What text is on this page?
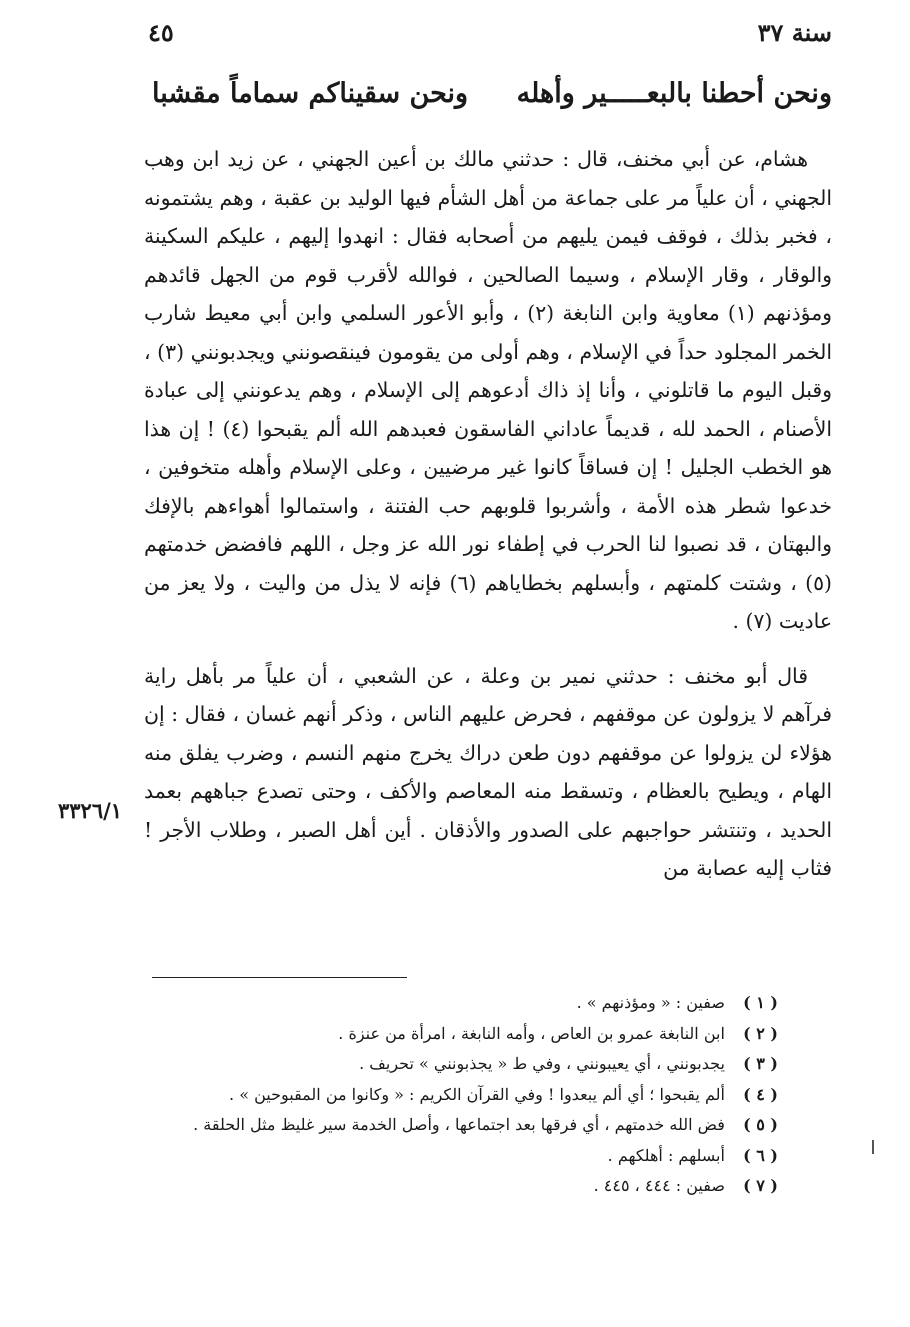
سنة ٣٧
٤٥
ونحن أحطنا بالبعـــــير وأهله
ونحن سقيناكم سماماً مقشبا

هشام، عن أبي مخنف، قال : حدثني مالك بن أعين الجهني ، عن زيد ابن وهب الجهني ، أن علياً مر على جماعة من أهل الشأم فيها الوليد بن عقبة ، وهم يشتمونه ، فخبر بذلك ، فوقف فيمن يليهم من أصحابه فقال : انهدوا إليهم ، عليكم السكينة والوقار ، وقار الإسلام ، وسيما الصالحين ، فوالله لأقرب قوم من الجهل قائدهم ومؤذنهم (١) معاوية وابن النابغة (٢) ، وأبو الأعور السلمي وابن أبي معيط شارب الخمر المجلود حداً في الإسلام ، وهم أولى من يقومون فينقصونني ويجدبونني (٣) ، وقبل اليوم ما قاتلوني ، وأنا إذ ذاك أدعوهم إلى الإسلام ، وهم يدعونني إلى عبادة الأصنام ، الحمد لله ، قديماً عاداني الفاسقون فعبدهم الله ألم يقبحوا (٤) ! إن هذا هو الخطب الجليل ! إن فساقاً كانوا غير مرضيين ، وعلى الإسلام وأهله متخوفين ، خدعوا شطر هذه الأمة ، وأشربوا قلوبهم حب الفتنة ، واستمالوا أهواءهم بالإفك والبهتان ، قد نصبوا لنا الحرب في إطفاء نور الله عز وجل ، اللهم فافضض خدمتهم (٥) ، وشتت كلمتهم ، وأبسلهم بخطاياهم (٦) فإنه لا يذل من واليت ، ولا يعز من عاديت (٧) .

قال أبو مخنف : حدثني نمير بن وعلة ، عن الشعبي ، أن علياً مر بأهل راية فرآهم لا يزولون عن موقفهم ، فحرض عليهم الناس ، وذكر أنهم غسان ، فقال : إن هؤلاء لن يزولوا عن موقفهم دون طعن دراك يخرج منهم النسم ، وضرب يفلق منه الهام ، ويطيح بالعظام ، وتسقط منه المعاصم والأكف ، وحتى تصدع جباههم بعمد الحديد ، وتنتشر حواجبهم على الصدور والأذقان . أين أهل الصبر ، وطلاب الأجر ! فثاب إليه عصابة من

٣٣٢٦/١
( ١ ) صفين : « ومؤذنهم » .
( ٢ ) ابن النابغة عمرو بن العاص ، وأمه النابغة ، امرأة من عنزة .
( ٣ ) يجدبونني ، أي يعيبونني ، وفي ط « يجذبونني » تحريف .
( ٤ ) ألم يقبحوا ؛ أي ألم يبعدوا ! وفي القرآن الكريم : « وكانوا من المقبوحين » .
( ٥ ) فض الله خدمتهم ، أي فرقها بعد اجتماعها ، وأصل الخدمة سير غليظ مثل الحلقة .
( ٦ ) أبسلهم : أهلكهم .
( ٧ ) صفين : ٤٤٤ ، ٤٤٥ .
